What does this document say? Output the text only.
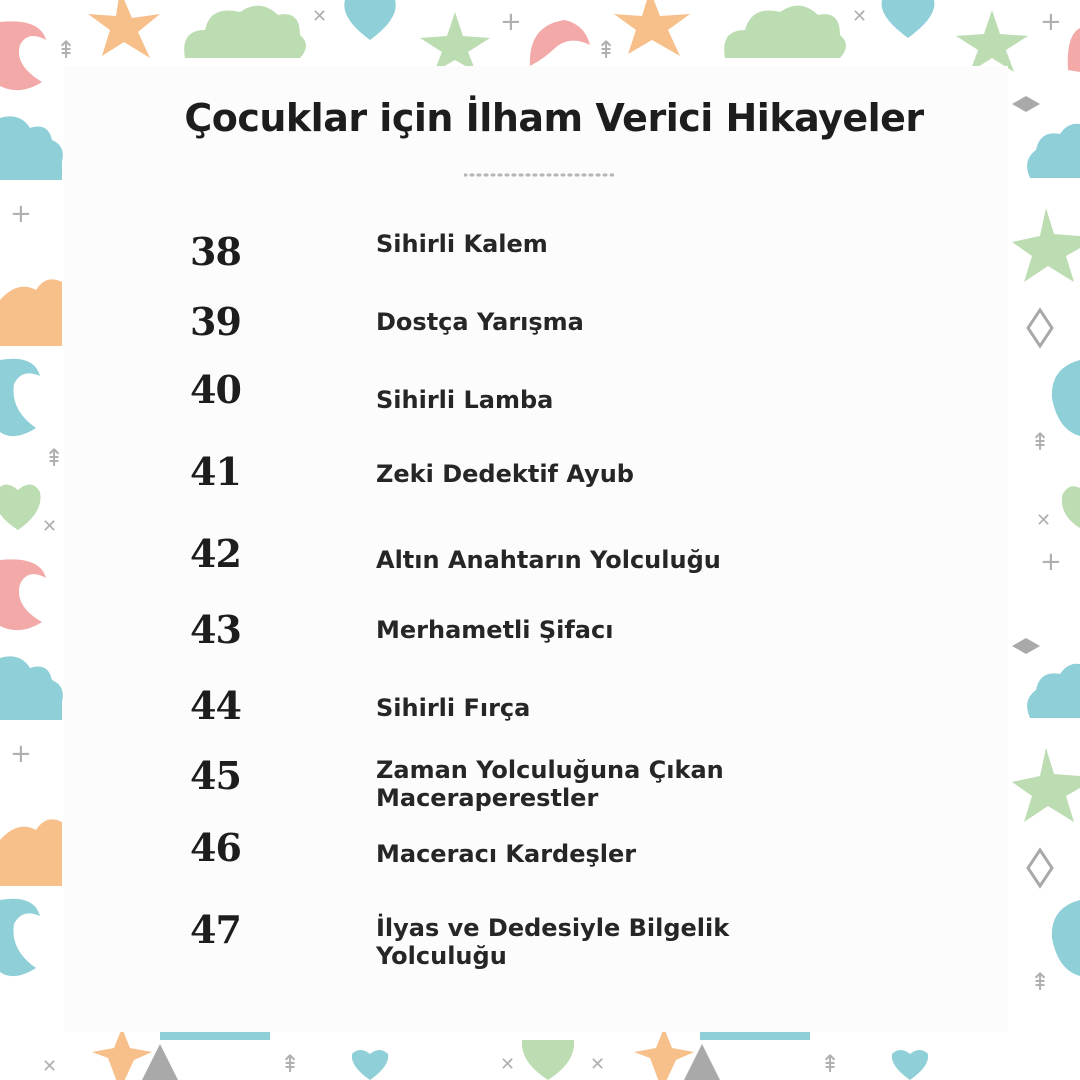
+	+
✕	✕
+
+
✕
✕
+
✕
✕	✕
⇞	⇞
⇞	⇞
⇞
⇞
⇞
Çocuklar için İlham Verici Hikayeler
38	Sihirli Kalem
39	Dostça Yarışma
40	Sihirli Lamba
41	Zeki Dedektif Ayub
42	Altın Anahtarın Yolculuğu
43	Merhametli Şifacı
44	Sihirli Fırça
45	Zaman Yolculuğuna Çıkan Maceraperestler
46	Maceracı Kardeşler
47	İlyas ve Dedesiyle Bilgelik Yolculuğu
